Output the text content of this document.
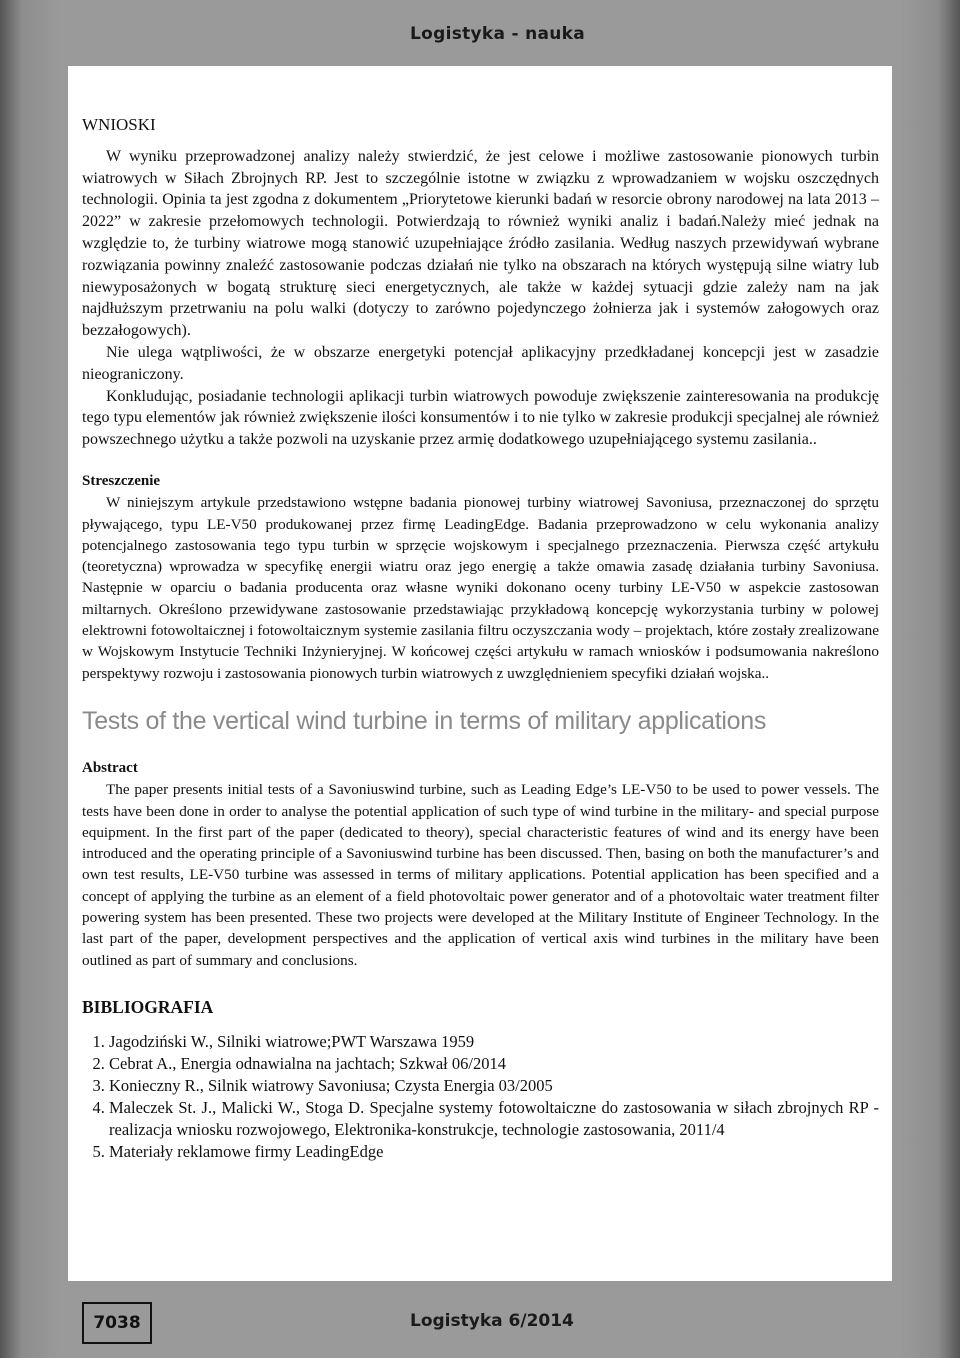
Logistyka - nauka
WNIOSKI

W wyniku przeprowadzonej analizy należy stwierdzić, że jest celowe i możliwe zastosowanie pionowych turbin wiatrowych w Siłach Zbrojnych RP. Jest to szczególnie istotne w związku z wprowadzaniem w wojsku oszczędnych technologii. Opinia ta jest zgodna z dokumentem „Priorytetowe kierunki badań w resorcie obrony narodowej na lata 2013 – 2022” w zakresie przełomowych technologii. Potwierdzają to również wyniki analiz i badań.Należy mieć jednak na względzie to, że turbiny wiatrowe mogą stanowić uzupełniające źródło zasilania. Według naszych przewidywań wybrane rozwiązania powinny znaleźć zastosowanie podczas działań nie tylko na obszarach na których występują silne wiatry lub niewyposażonych w bogatą strukturę sieci energetycznych, ale także w każdej sytuacji gdzie zależy nam na jak najdłuższym przetrwaniu na polu walki (dotyczy to zarówno pojedynczego żołnierza jak i systemów załogowych oraz bezzałogowych).

Nie ulega wątpliwości, że w obszarze energetyki potencjał aplikacyjny przedkładanej koncepcji jest w zasadzie nieograniczony.

Konkludując, posiadanie technologii aplikacji turbin wiatrowych powoduje zwiększenie zainteresowania na produkcję tego typu elementów jak również zwiększenie ilości konsumentów i to nie tylko w zakresie produkcji specjalnej ale również powszechnego użytku a także pozwoli na uzyskanie przez armię dodatkowego uzupełniającego systemu zasilania..

Streszczenie

W niniejszym artykule przedstawiono wstępne badania pionowej turbiny wiatrowej Savoniusa, przeznaczonej do sprzętu pływającego, typu LE-V50 produkowanej przez firmę LeadingEdge. Badania przeprowadzono w celu wykonania analizy potencjalnego zastosowania tego typu turbin w sprzęcie wojskowym i specjalnego przeznaczenia. Pierwsza część artykułu (teoretyczna) wprowadza w specyfikę energii wiatru oraz jego energię a także omawia zasadę działania turbiny Savoniusa. Następnie w oparciu o badania producenta oraz własne wyniki dokonano oceny turbiny LE-V50 w aspekcie zastosowan miltarnych. Określono przewidywane zastosowanie przedstawiając przykładową koncepcję wykorzystania turbiny w polowej elektrowni fotowoltaicznej i fotowoltaicznym systemie zasilania filtru oczyszczania wody – projektach, które zostały zrealizowane w Wojskowym Instytucie Techniki Inżynieryjnej. W końcowej części artykułu w ramach wniosków i podsumowania nakreślono perspektywy rozwoju i zastosowania pionowych turbin wiatrowych z uwzględnieniem specyfiki działań wojska..

Tests of the vertical wind turbine in terms of military applications
Abstract

The paper presents initial tests of a Savoniuswind turbine, such as Leading Edge’s LE-V50 to be used to power vessels. The tests have been done in order to analyse the potential application of such type of wind turbine in the military- and special purpose equipment. In the first part of the paper (dedicated to theory), special characteristic features of wind and its energy have been introduced and the operating principle of a Savoniuswind turbine has been discussed. Then, basing on both the manufacturer’s and own test results, LE-V50 turbine was assessed in terms of military applications. Potential application has been specified and a concept of applying the turbine as an element of a field photovoltaic power generator and of a photovoltaic water treatment filter powering system has been presented. These two projects were developed at the Military Institute of Engineer Technology. In the last part of the paper, development perspectives and the application of vertical axis wind turbines in the military have been outlined as part of summary and conclusions.

BIBLIOGRAFIA
1. Jagodziński W., Silniki wiatrowe;PWT Warszawa 1959
2. Cebrat A., Energia odnawialna na jachtach; Szkwał 06/2014
3. Konieczny R., Silnik wiatrowy Savoniusa; Czysta Energia 03/2005
4. Maleczek St. J., Malicki W., Stoga D. Specjalne systemy fotowoltaiczne do zastosowania w siłach zbrojnych RP - realizacja wniosku rozwojowego, Elektronika-konstrukcje, technologie zastosowania, 2011/4
5. Materiały reklamowe firmy LeadingEdge
7038	Logistyka 6/2014
